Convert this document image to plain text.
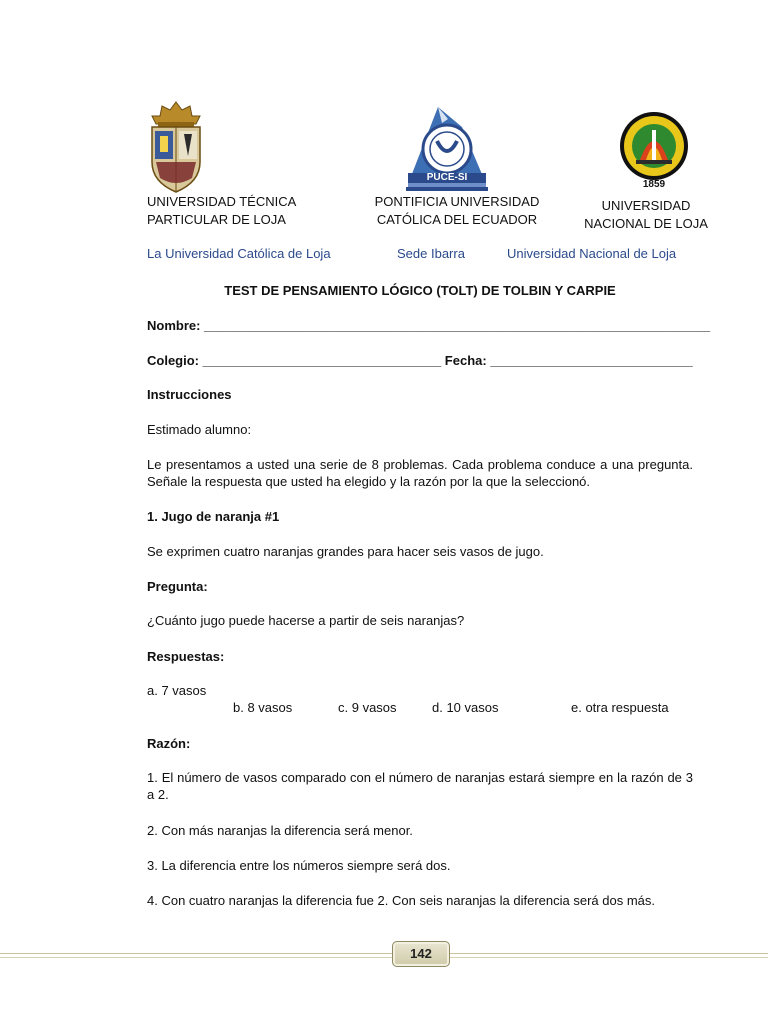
PUCE-SI
1859
UNIVERSIDAD TÉCNICA
PARTICULAR DE LOJA
PONTIFICIA UNIVERSIDAD
CATÓLICA DEL ECUADOR
UNIVERSIDAD
NACIONAL DE LOJA
La Universidad Católica de Loja	Sede Ibarra	Universidad Nacional de Loja
TEST DE PENSAMIENTO LÓGICO (TOLT) DE TOLBIN Y CARPIE
Nombre: ______________________________________________________________________
Colegio: _________________________________ Fecha: ____________________________
Instrucciones
Estimado alumno:
Le presentamos a usted una serie de 8 problemas. Cada problema conduce a una pregunta. Señale la respuesta que usted ha elegido y la razón por la que la seleccionó.
1. Jugo de naranja #1
Se exprimen cuatro naranjas grandes para hacer seis vasos de jugo.
Pregunta:
¿Cuánto jugo puede hacerse a partir de seis naranjas?
Respuestas:
a. 7 vasos
b. 8 vasos	c. 9 vasos	d. 10 vasos	e. otra respuesta
Razón:
1. El número de vasos comparado con el número de naranjas estará siempre en la razón de 3 a 2.
2. Con más naranjas la diferencia será menor.
3. La diferencia entre los números siempre será dos.
4. Con cuatro naranjas la diferencia fue 2. Con seis naranjas la diferencia será dos más.
142
